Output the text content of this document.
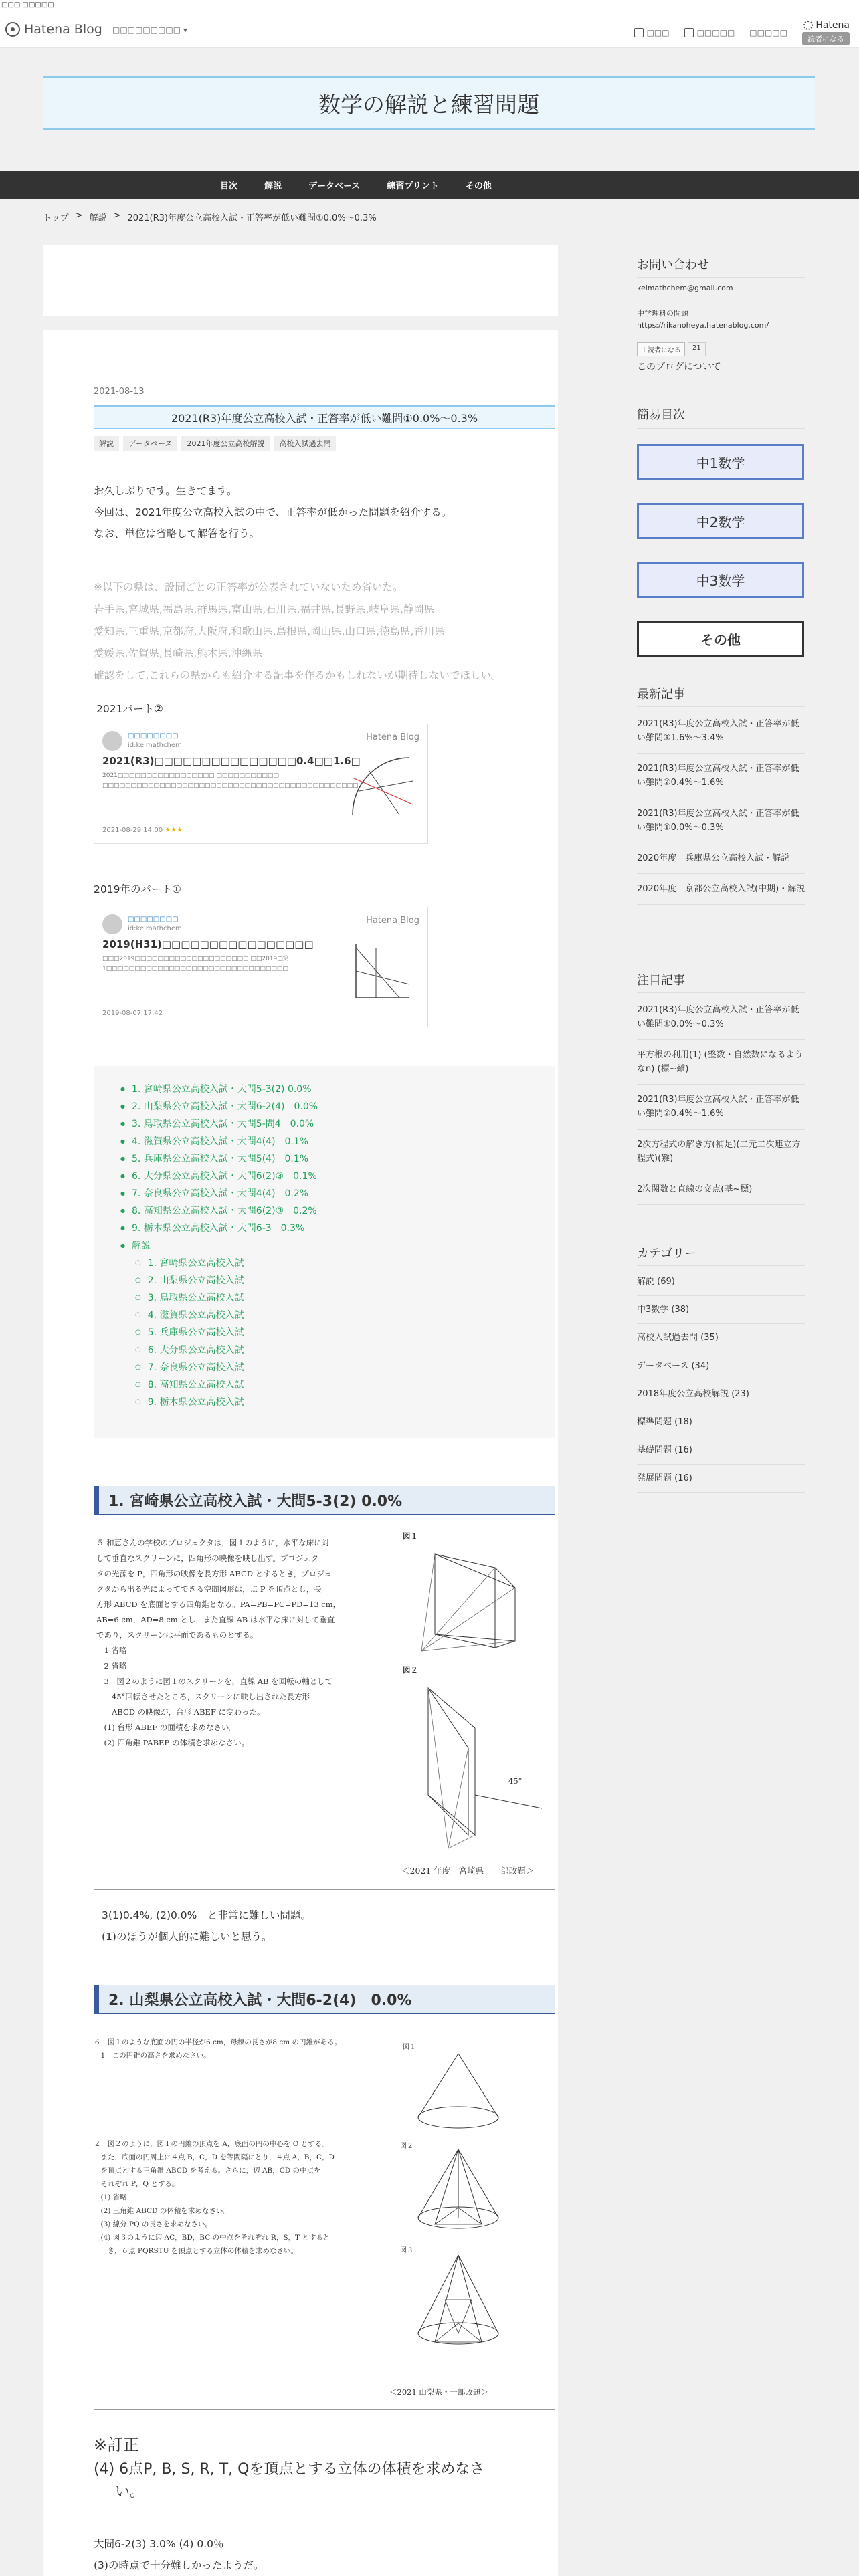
□□□ □□□□□
Hatena Blog □□□□□□□□□ ▾	□□□	□□□□□ □□□□□
Hatena
読者になる
数学の解説と練習問題
目次	解説	データベース	練習プリント	その他
トップ > 解説 > 2021(R3)年度公立高校入試・正答率が低い難問①0.0%〜0.3%
2021-08-13
2021(R3)年度公立高校入試・正答率が低い難問①0.0%〜0.3%
解説	データベース	2021年度公立高校解説	高校入試過去問
お久しぶりです。生きてます。
今回は、2021年度公立高校入試の中で、正答率が低かった問題を紹介する。
なお、単位は省略して解答を行う。
※以下の県は、設問ごとの正答率が公表されていないため省いた。
岩手県,宮城県,福島県,群馬県,富山県,石川県,福井県,長野県,岐阜県,静岡県
愛知県,三重県,京都府,大阪府,和歌山県,島根県,岡山県,山口県,徳島県,香川県
愛媛県,佐賀県,長崎県,熊本県,沖縄県
確認をして,これらの県からも紹介する記事を作るかもしれないが期待しないでほしい。
2021パート②
□□□□□□□□
id:keimathchem
Hatena Blog
2021(R3)□□□□□□□□□□□□□□□0.4□□1.6□
2021□□□□□□□□□□□□□□□□□ □□□□□□□□□□□ □□□□□□□□□□□□□□□□□□□□□□□□□□□□□□□□□□□□□□□□□□□□□
2021-08-29 14:00 ★★★
2019年のパート①
□□□□□□□□
id:keimathchem
Hatena Blog
2019(H31)□□□□□□□□□□□□□□□□
□□□2019□□□□□□□□□□□□□□□□□□□□ □□2019□第1□□□□□□□□□□□□□□□□□□□□□□□□□□□□□□□□
2019-08-07 17:42
● 1. 宮崎県公立高校入試・大問5-3(2) 0.0%
● 2. 山梨県公立高校入試・大問6-2(4)　0.0%
● 3. 鳥取県公立高校入試・大問5-問4　0.0%
● 4. 滋賀県公立高校入試・大問4(4)　0.1%
● 5. 兵庫県公立高校入試・大問5(4)　0.1%
● 6. 大分県公立高校入試・大問6(2)③　0.1%
● 7. 奈良県公立高校入試・大問4(4)　0.2%
● 8. 高知県公立高校入試・大問6(2)③　0.2%
● 9. 栃木県公立高校入試・大問6-3　0.3%
● 解説
○ 1. 宮崎県公立高校入試
○ 2. 山梨県公立高校入試
○ 3. 鳥取県公立高校入試
○ 4. 滋賀県公立高校入試
○ 5. 兵庫県公立高校入試
○ 6. 大分県公立高校入試
○ 7. 奈良県公立高校入試
○ 8. 高知県公立高校入試
○ 9. 栃木県公立高校入試
1. 宮崎県公立高校入試・大問5-3(2) 0.0%
５ 和恵さんの学校のプロジェクタは，図１のように，水平な床に対
して垂直なスクリーンに，四角形の映像を映し出す。プロジェク
タの光源を P，四角形の映像を長方形 ABCD とするとき，プロジェ
クタから出る光によってできる空間図形は，点 P を頂点とし，長
方形 ABCD を底面とする四角錐となる。PA=PB=PC=PD=13 cm，
AB=6 cm，AD=8 cm とし，また直線 AB は水平な床に対して垂直
であり，スクリーンは平面であるものとする。
　1 省略
　2 省略
　3　図２のように図１のスクリーンを，直線 AB を回転の軸として
　　45°回転させたところ，スクリーンに映し出された長方形
　　ABCD の映像が，台形 ABEF に変わった。
　(1) 台形 ABEF の面積を求めなさい。
　(2) 四角錐 PABEF の体積を求めなさい。
図１
図２
45°
＜2021 年度　宮崎県　一部改題＞
3(1)0.4%, (2)0.0%　と非常に難しい問題。
(1)のほうが個人的に難しいと思う。
2. 山梨県公立高校入試・大問6-2(4)　0.0%
６　図１のような底面の円の半径が6 cm，母線の長さが8 cm の円錐がある。
　1　この円錐の高さを求めなさい。
２　図２のように，図１の円錐の頂点を A，底面の円の中心を O とする。
　また，底面の円周上に４点 B，C，D を等間隔にとり，４点 A，B，C，D
　を頂点とする三角錐 ABCD を考える。さらに，辺 AB，CD の中点を
　それぞれ P，Q とする。
　(1) 省略
　(2) 三角錐 ABCD の体積を求めなさい。
　(3) 線分 PQ の長さを求めなさい。
　(4) 図３のように辺 AC，BD，BC の中点をそれぞれ R，S，T とすると
　　き，６点 PQRSTU を頂点とする立体の体積を求めなさい。
図１
図２
図３
＜2021 山梨県・一部改題＞
※訂正
(4) 6点P, B, S, R, T, Qを頂点とする立体の体積を求めなさ
い。
大問6-2(3) 3.0% (4) 0.0％
(3)の時点で十分難しかったようだ。
お問い合わせ
keimathchem@gmail.com
中学理科の問題
https://rikanoheya.hatenablog.com/
＋読者になる	21
このブログについて
簡易目次
中1数学
中2数学
中3数学
その他
最新記事
2021(R3)年度公立高校入試・正答率が低い難問③1.6%〜3.4%
2021(R3)年度公立高校入試・正答率が低い難問②0.4%〜1.6%
2021(R3)年度公立高校入試・正答率が低い難問①0.0%〜0.3%
2020年度　兵庫県公立高校入試・解説
2020年度　京都公立高校入試(中期)・解説
注目記事
2021(R3)年度公立高校入試・正答率が低い難問①0.0%〜0.3%
平方根の利用(1) (整数・自然数になるようなn) (標~難)
2021(R3)年度公立高校入試・正答率が低い難問②0.4%〜1.6%
2次方程式の解き方(補足)(二元二次連立方程式)(難)
2次関数と直線の交点(基~標)
カテゴリー
解説 (69)
中3数学 (38)
高校入試過去問 (35)
データベース (34)
2018年度公立高校解説 (23)
標準問題 (18)
基礎問題 (16)
発展問題 (16)
